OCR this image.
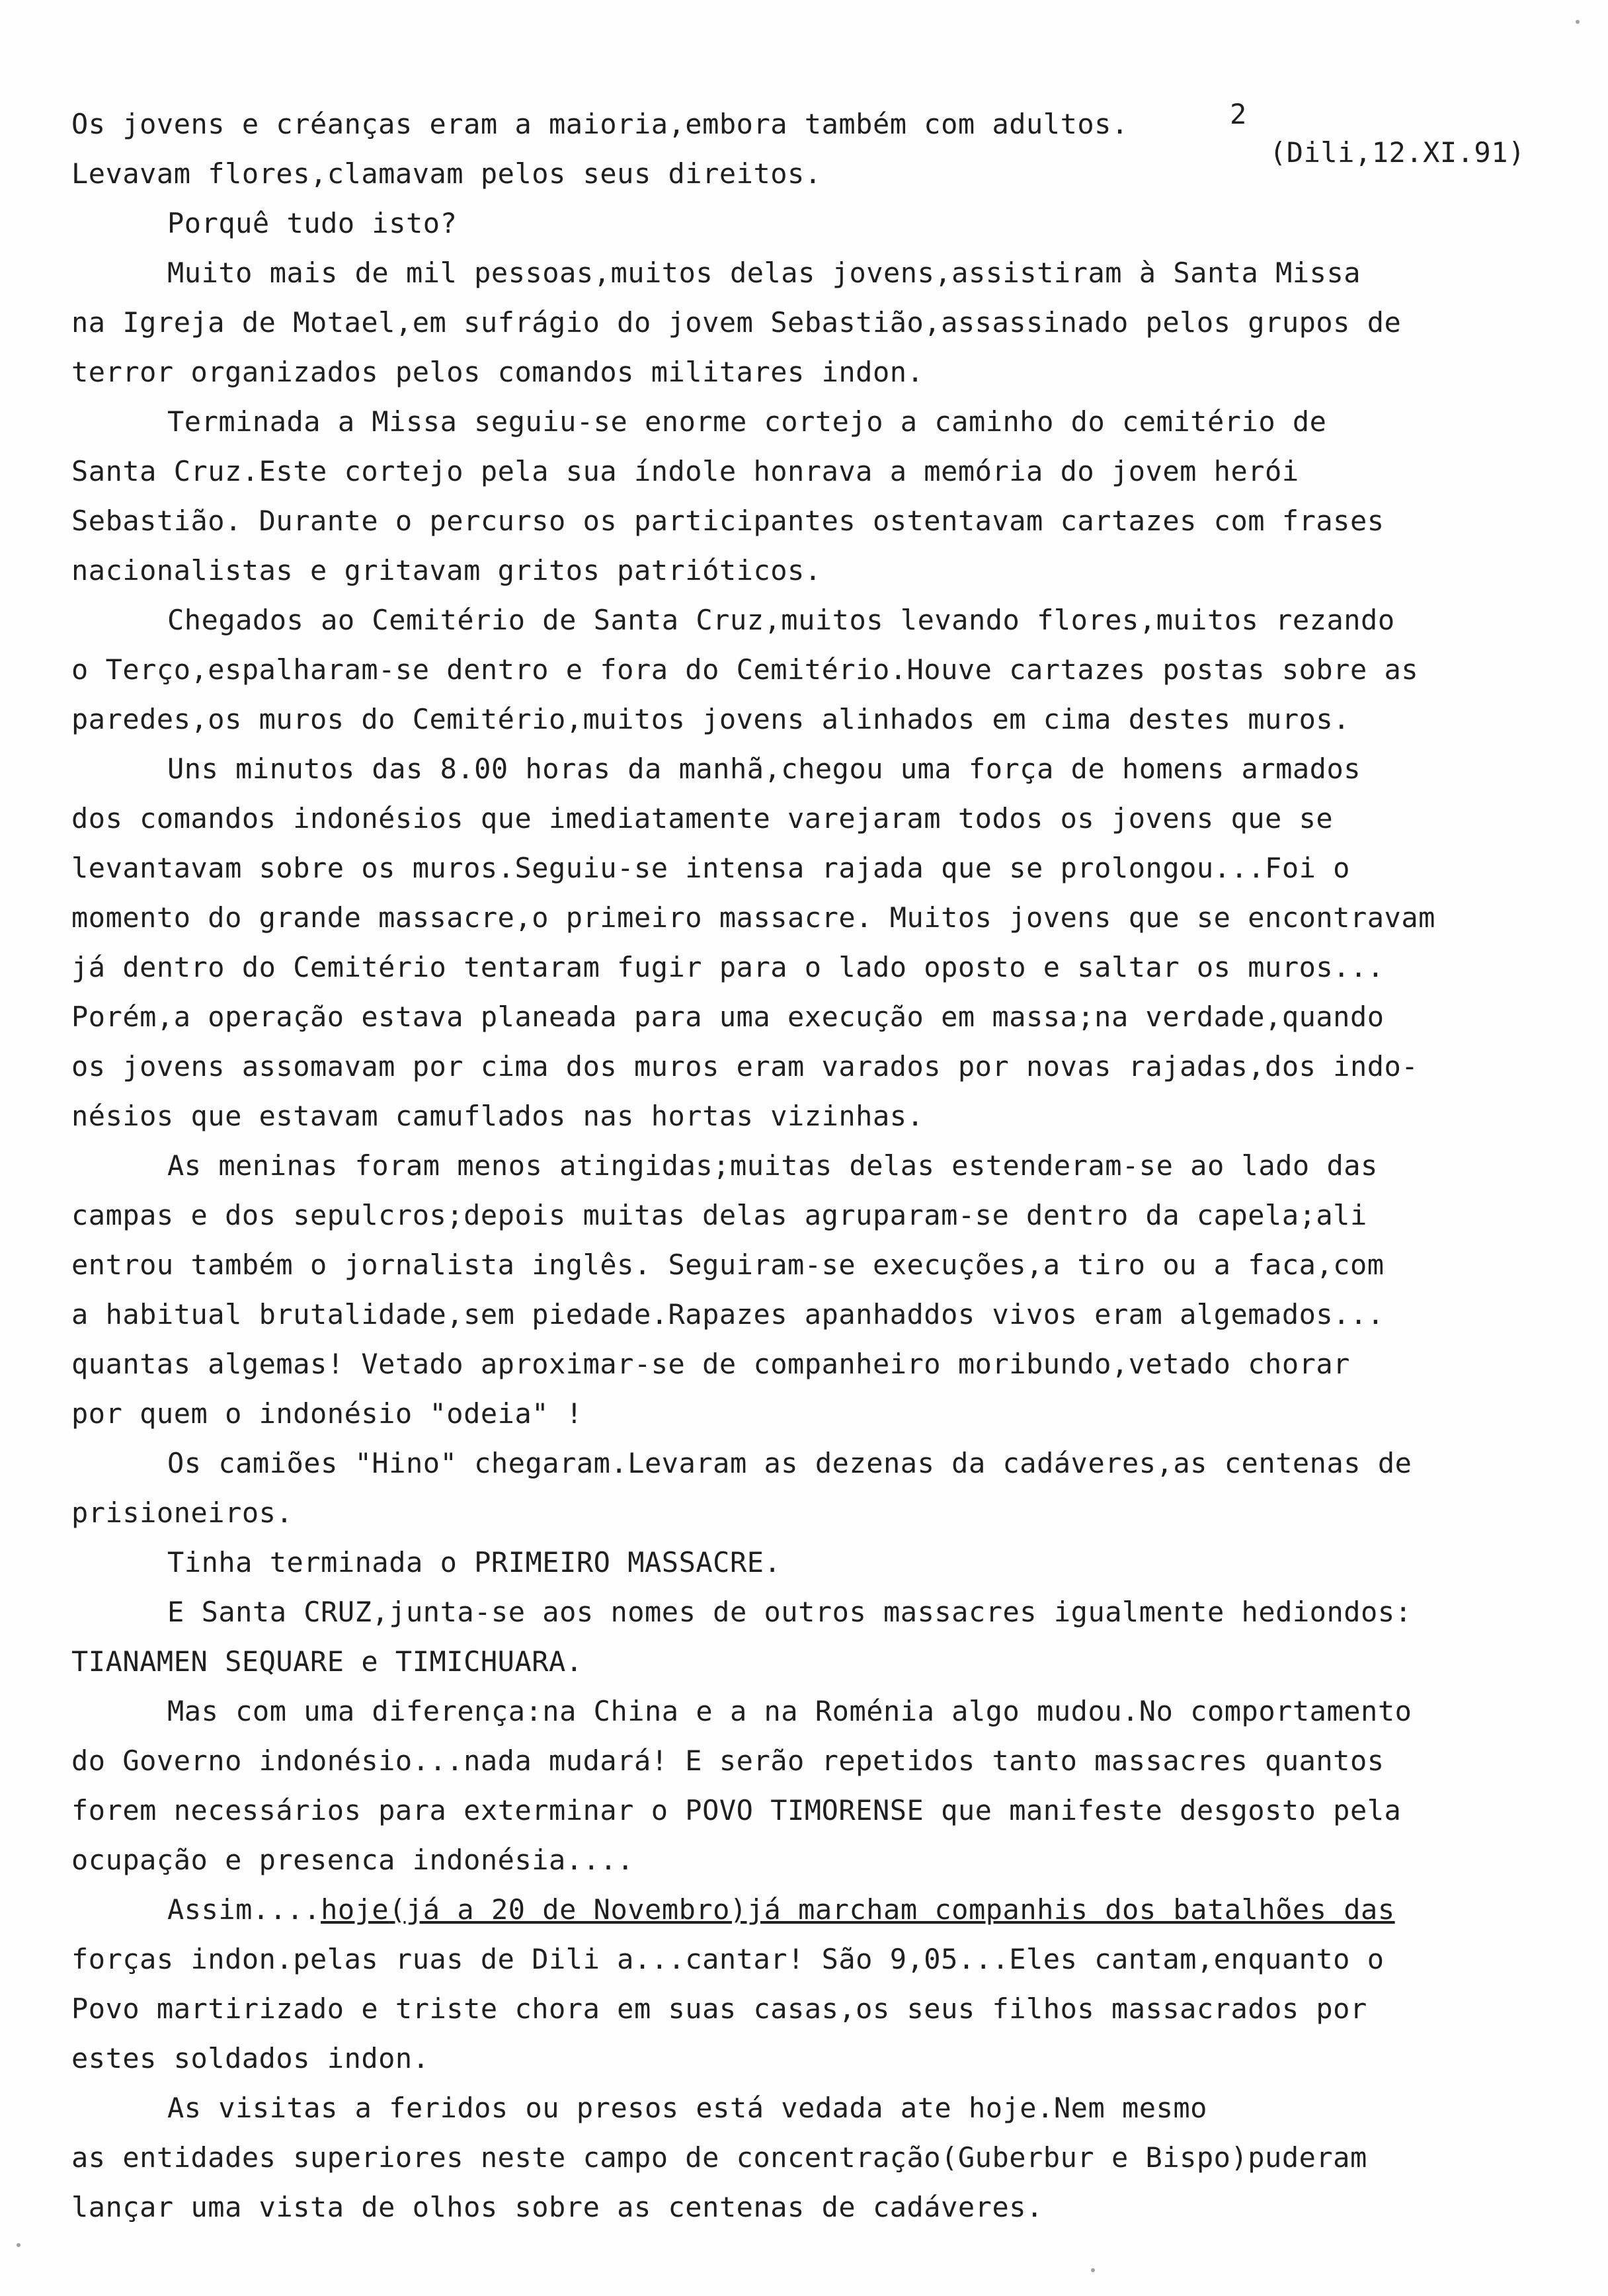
2
(Dili,12.XI.91)
Os jovens e créanças eram a maioria,embora também com adultos.
Levavam flores,clamavam pelos seus direitos.
Porquê tudo isto?
Muito mais de mil pessoas,muitos delas jovens,assistiram à Santa Missa
na Igreja de Motael,em sufrágio do jovem Sebastião,assassinado pelos grupos de
terror organizados pelos comandos militares indon.
Terminada a Missa seguiu-se enorme cortejo a caminho do cemitério de
Santa Cruz.Este cortejo pela sua índole honrava a memória do jovem herói
Sebastião. Durante o percurso os participantes ostentavam cartazes com frases
nacionalistas e gritavam gritos patrióticos.
Chegados ao Cemitério de Santa Cruz,muitos levando flores,muitos rezando
o Terço,espalharam-se dentro e fora do Cemitério.Houve cartazes postas sobre as
paredes,os muros do Cemitério,muitos jovens alinhados em cima destes muros.
Uns minutos das 8.00 horas da manhã,chegou uma força de homens armados
dos comandos indonésios que imediatamente varejaram todos os jovens que se
levantavam sobre os muros.Seguiu-se intensa rajada que se prolongou...Foi o
momento do grande massacre,o primeiro massacre. Muitos jovens que se encontravam
já dentro do Cemitério tentaram fugir para o lado oposto e saltar os muros...
Porém,a operação estava planeada para uma execução em massa;na verdade,quando
os jovens assomavam por cima dos muros eram varados por novas rajadas,dos indo-
nésios que estavam camuflados nas hortas vizinhas.
As meninas foram menos atingidas;muitas delas estenderam-se ao lado das
campas e dos sepulcros;depois muitas delas agruparam-se dentro da capela;ali
entrou também o jornalista inglês. Seguiram-se execuções,a tiro ou a faca,com
a habitual brutalidade,sem piedade.Rapazes apanhaddos vivos eram algemados...
quantas algemas! Vetado aproximar-se de companheiro moribundo,vetado chorar
por quem o indonésio "odeia" !
Os camiões "Hino" chegaram.Levaram as dezenas da cadáveres,as centenas de
prisioneiros.
Tinha terminada o PRIMEIRO MASSACRE.
E Santa CRUZ,junta-se aos nomes de outros massacres igualmente hediondos:
TIANAMEN SEQUARE e TIMICHUARA.
Mas com uma diferença:na China e a na Roménia algo mudou.No comportamento
do Governo indonésio...nada mudará! E serão repetidos tanto massacres quantos
forem necessários para exterminar o POVO TIMORENSE que manifeste desgosto pela
ocupação e presenca indonésia....
Assim....hoje(já a 20 de Novembro)já marcham companhis dos batalhões das
forças indon.pelas ruas de Dili a...cantar! São 9,05...Eles cantam,enquanto o
Povo martirizado e triste chora em suas casas,os seus filhos massacrados por
estes soldados indon.
As visitas a feridos ou presos está vedada ate hoje.Nem mesmo
as entidades superiores neste campo de concentração(Guberbur e Bispo)puderam
lançar uma vista de olhos sobre as centenas de cadáveres.
